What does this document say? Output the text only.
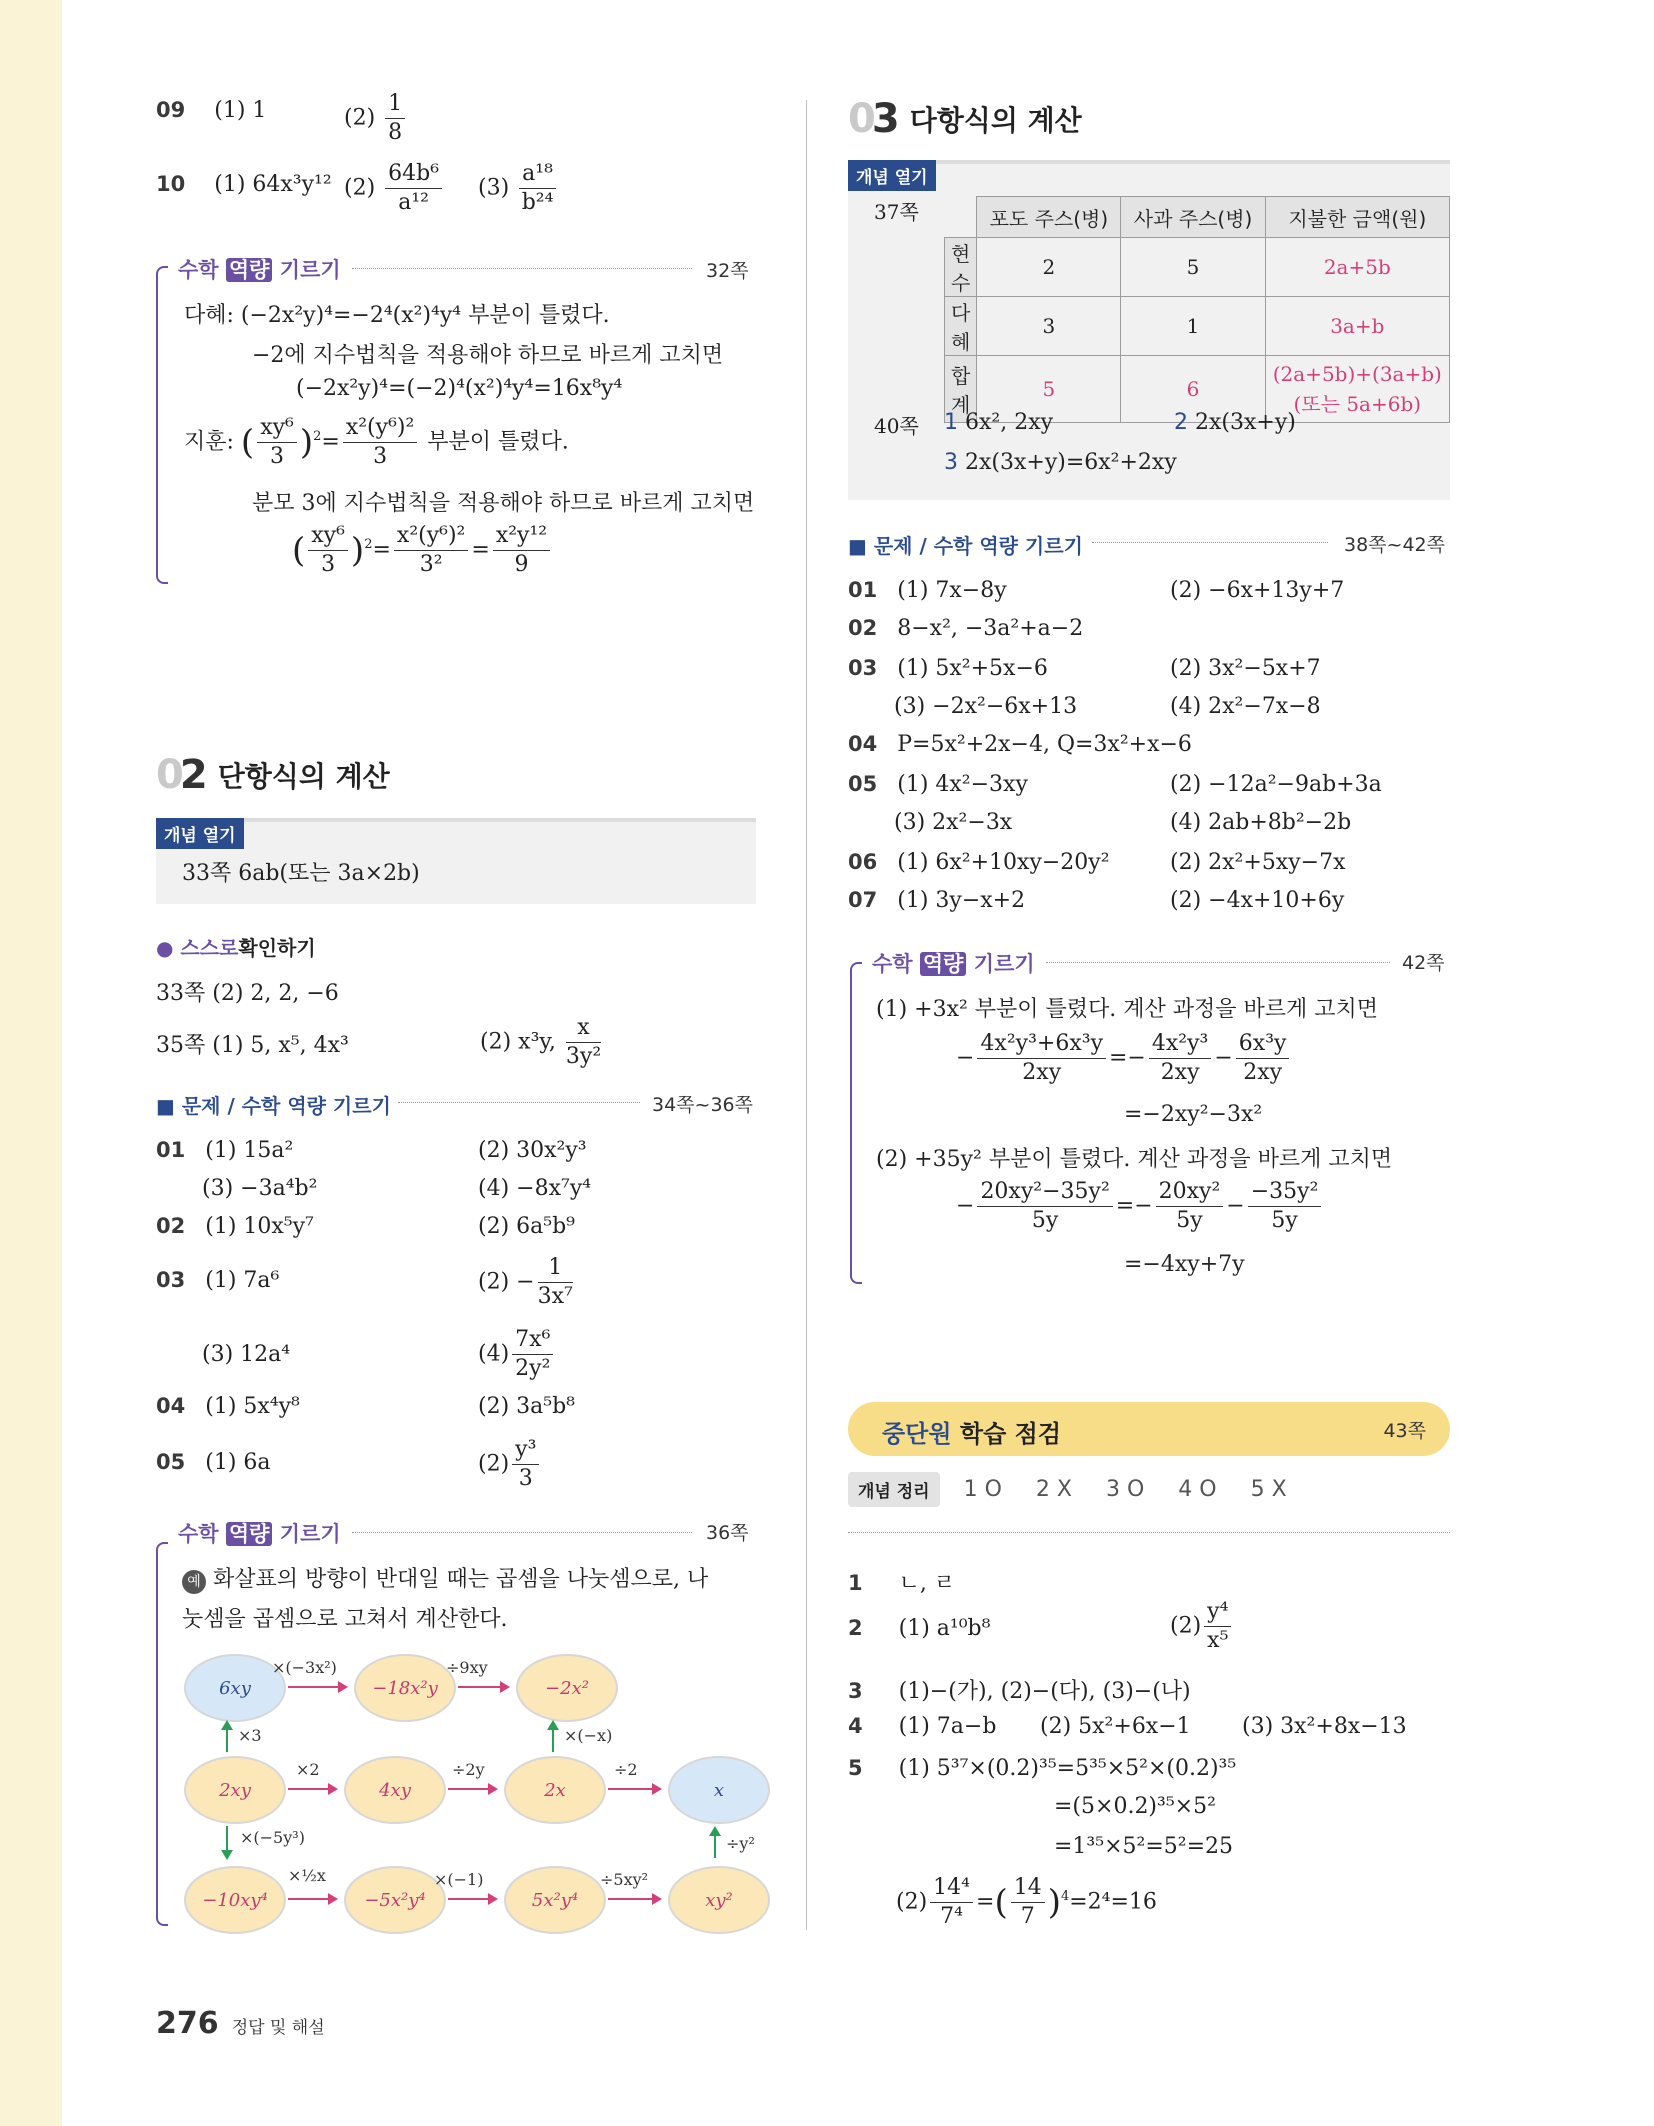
09 (1) 1	$(2) \frac{1}{8}$
10 (1) 64x³y¹² $(2) \frac{\text{64b⁶}}{\text{a¹²}} (3) \frac{\text{a¹⁸}}{\text{b²⁴}}$
수학 역량 기르기	32쪽
다혜: (−2x²y)⁴=−2⁴(x²)⁴y⁴ 부분이 틀렸다.
−2에 지수법칙을 적용해야 하므로 바르게 고치면
(−2x²y)⁴=(−2)⁴(x²)⁴y⁴=16x⁸y⁴
지훈: ( $\frac{\text{xy⁶}}{3} )^2= \frac{\text{x²(y⁶)²}}{3}$ 부분이 틀렸다.
분모 3에 지수법칙을 적용해야 하므로 바르게 고치면
( $\frac{\text{xy⁶}}{3} )^2= \frac{\text{x²(y⁶)²}}{\text{3²}} = \frac{\text{x²y¹²}}{9}$
02 단항식의 계산
개념 열기
33쪽 6ab(또는 3a×2b)
● 스스로확인하기
33쪽 (2) 2, 2, −6
35쪽 (1) 5, x⁵, 4x³	(2) x³y, $\frac{x}{\text{3y²}}$
■ 문제 / 수학 역량 기르기	34쪽~36쪽
01 (1) 15a²	(2) 30x²y³
(3) −3a⁴b²	(4) −8x⁷y⁴
02 (1) 10x⁵y⁷	(2) 6a⁵b⁹
03 (1) 7a⁶	$(2) - \frac{1}{\text{3x⁷}}$
(3) 12a⁴	$(4) \frac{\text{7x⁶}}{\text{2y²}}$
04 (1) 5x⁴y⁸	(2) 3a⁵b⁸
05 (1) 6a	$(2) \frac{\text{y³}}{3}$
수학 역량 기르기	36쪽
예 화살표의 방향이 반대일 때는 곱셈을 나눗셈으로, 나
눗셈을 곱셈으로 고쳐서 계산한다.
6xy	−18x²y	−2x²
2xy	4xy	2x	x
−10xy⁴	−5x²y⁴	5x²y⁴	xy²
×(−3x²)	÷9xy
×3	×(−x)
×2	÷2y	÷2
×(−5y³)	÷y²
×½x	×(−1)	÷5xy²
03 다항식의 계산
개념 열기
37쪽
		포도 주스(병)	사과 주스(병)	지불한 금액(원)
현수	2	5	2a+5b
다혜	3	1	3a+b
합계	5	6	(2a+5b)+(3a+b)
(또는 5a+6b)
40쪽 1 6x², 2xy	2 2x(3x+y)
3 2x(3x+y)=6x²+2xy
■ 문제 / 수학 역량 기르기	38쪽~42쪽
01 (1) 7x−8y	(2) −6x+13y+7
02 8−x², −3a²+a−2
03 (1) 5x²+5x−6	(2) 3x²−5x+7
(3) −2x²−6x+13	(4) 2x²−7x−8
04 P=5x²+2x−4, Q=3x²+x−6
05 (1) 4x²−3xy	(2) −12a²−9ab+3a
(3) 2x²−3x	(4) 2ab+8b²−2b
06 (1) 6x²+10xy−20y²	(2) 2x²+5xy−7x
07 (1) 3y−x+2	(2) −4x+10+6y
수학 역량 기르기	42쪽
(1) +3x² 부분이 틀렸다. 계산 과정을 바르게 고치면
− $\frac{\text{4x²y³+6x³y}}{2xy} =- \frac{\text{4x²y³}}{2xy} - \frac{\text{6x³y}}{2xy}$
=−2xy²−3x²
(2) +35y² 부분이 틀렸다. 계산 과정을 바르게 고치면
− $\frac{\text{20xy²−35y²}}{5y} =- \frac{\text{20xy²}}{5y} - \frac{\text{−35y²}}{5y}$
=−4xy+7y
중단원 학습 점검	43쪽
개념 정리	1 O 2 X 3 O 4 O 5 X
1 ㄴ, ㄹ
2 (1) a¹⁰b⁸	$(2) \frac{\text{y⁴}}{\text{x⁵}}$
3 (1)−(가), (2)−(다), (3)−(나)
4 (1) 7a−b (2) 5x²+6x−1 (3) 3x²+8x−13
5 (1) 5³⁷×(0.2)³⁵=5³⁵×5²×(0.2)³⁵
=(5×0.2)³⁵×5²
=1³⁵×5²=5²=25
$(2) \frac{\text{14⁴}}{\text{7⁴}}$ =( $\frac{14}{7} )^4=2^4=16$
276 정답 및 해설
